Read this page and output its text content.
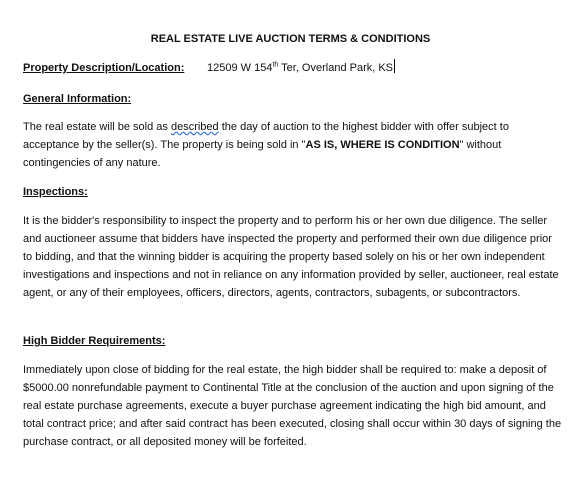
REAL ESTATE LIVE AUCTION TERMS & CONDITIONS

Property Description/Location: 12509 W 154th Ter, Overland Park, KS

General Information:

The real estate will be sold as described the day of auction to the highest bidder with offer subject to acceptance by the seller(s). The property is being sold in "AS IS, WHERE IS CONDITION" without contingencies of any nature.

Inspections:

It is the bidder's responsibility to inspect the property and to perform his or her own due diligence. The seller and auctioneer assume that bidders have inspected the property and performed their own due diligence prior to bidding, and that the winning bidder is acquiring the property based solely on his or her own independent investigations and inspections and not in reliance on any information provided by seller, auctioneer, real estate agent, or any of their employees, officers, directors, agents, contractors, subagents, or subcontractors.

High Bidder Requirements:

Immediately upon close of bidding for the real estate, the high bidder shall be required to: make a deposit of $5000.00 nonrefundable payment to Continental Title at the conclusion of the auction and upon signing of the real estate purchase agreements, execute a buyer purchase agreement indicating the high bid amount, and total contract price; and after said contract has been executed, closing shall occur within 30 days of signing the purchase contract, or all deposited money will be forfeited.
